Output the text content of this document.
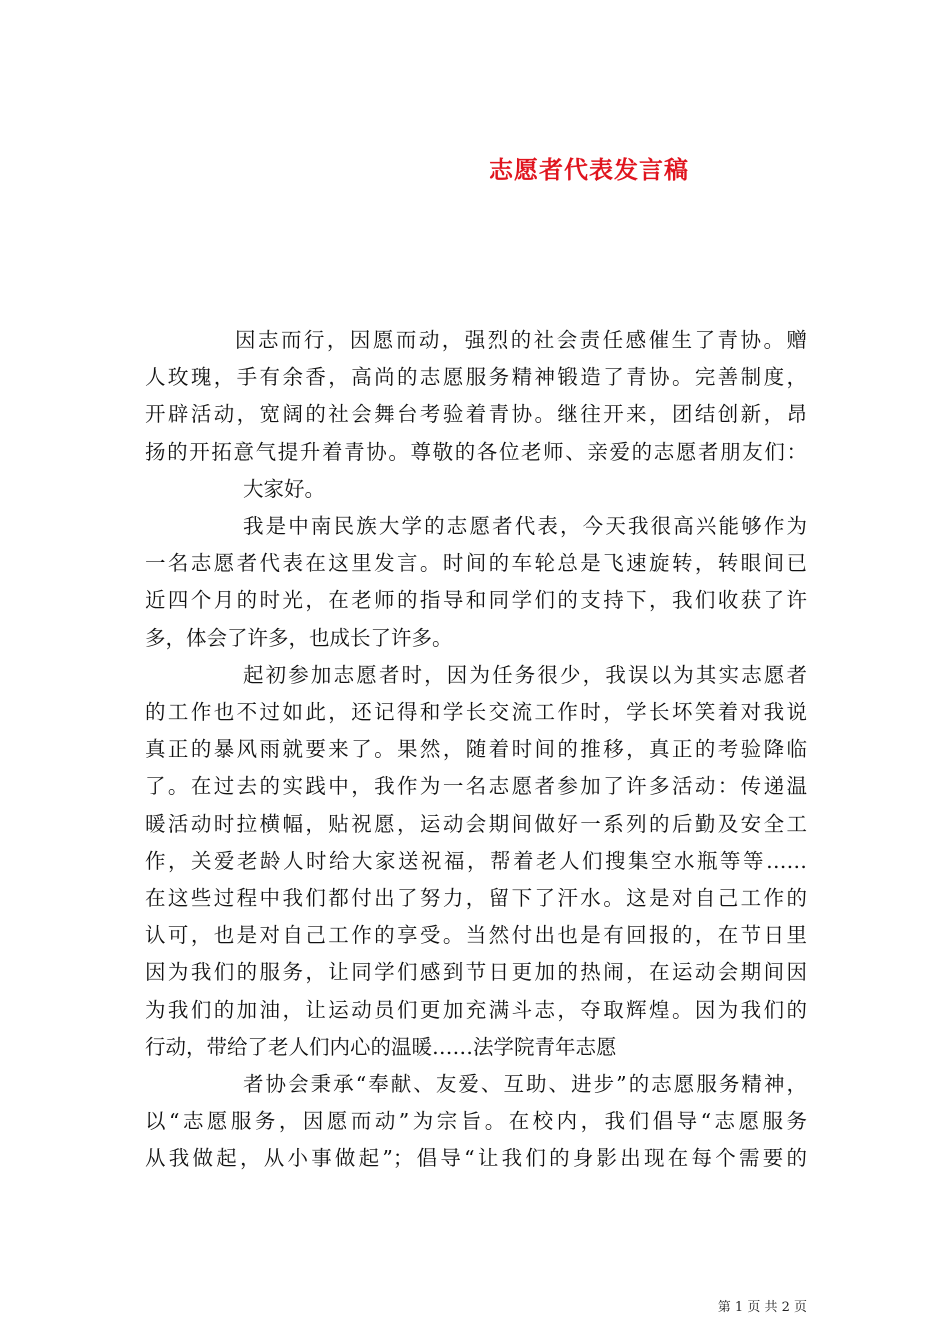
志愿者代表发言稿

因志而行，因愿而动，强烈的社会责任感催生了青协。赠
人玫瑰，手有余香，高尚的志愿服务精神锻造了青协。完善制度，
开辟活动，宽阔的社会舞台考验着青协。继往开来，团结创新，昂
扬的开拓意气提升着青协。尊敬的各位老师、亲爱的志愿者朋友们：

大家好。

我是中南民族大学的志愿者代表，今天我很高兴能够作为
一名志愿者代表在这里发言。时间的车轮总是飞速旋转，转眼间已
近四个月的时光，在老师的指导和同学们的支持下，我们收获了许
多，体会了许多，也成长了许多。

起初参加志愿者时，因为任务很少，我误以为其实志愿者
的工作也不过如此，还记得和学长交流工作时，学长坏笑着对我说
真正的暴风雨就要来了。果然，随着时间的推移，真正的考验降临
了。在过去的实践中，我作为一名志愿者参加了许多活动：传递温
暖活动时拉横幅，贴祝愿，运动会期间做好一系列的后勤及安全工
作，关爱老龄人时给大家送祝福，帮着老人们搜集空水瓶等等……
在这些过程中我们都付出了努力，留下了汗水。这是对自己工作的
认可，也是对自己工作的享受。当然付出也是有回报的，在节日里
因为我们的服务，让同学们感到节日更加的热闹，在运动会期间因
为我们的加油，让运动员们更加充满斗志，夺取辉煌。因为我们的
行动，带给了老人们内心的温暖……法学院青年志愿

者协会秉承“奉献、友爱、互助、进步”的志愿服务精神，
以“志愿服务，因愿而动”为宗旨。在校内，我们倡导“志愿服务
从我做起，从小事做起”；倡导“让我们的身影出现在每个需要的

第 1 页 共 2 页
